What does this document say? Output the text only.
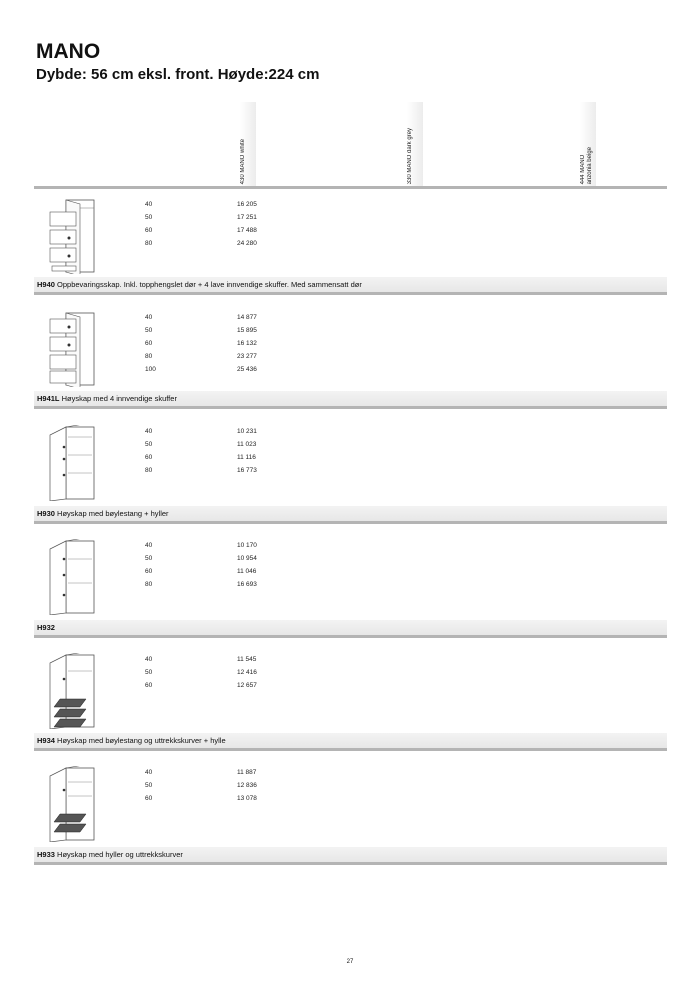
MANO
Dybde: 56 cm eksl. front. Høyde:224 cm
430 MANO white	330 MANO dark grey	444 MANO
anzonia beige
40
50
60
80
16 205
17 251
17 488
24 280
H940 Oppbevaringsskap. Inkl. topphengslet dør + 4 lave innvendige skuffer. Med sammensatt dør
40
50
60
80
100
14 877
15 895
16 132
23 277
25 436
H941L Høyskap med 4 innvendige skuffer
40
50
60
80
10 231
11 023
11 116
16 773
H930 Høyskap med bøylestang + hyller
40
50
60
80
10 170
10 954
11 046
16 693
H932
40
50
60
11 545
12 416
12 657
H934 Høyskap med bøylestang og uttrekkskurver + hylle
40
50
60
11 887
12 836
13 078
H933 Høyskap med hyller og uttrekkskurver
27
